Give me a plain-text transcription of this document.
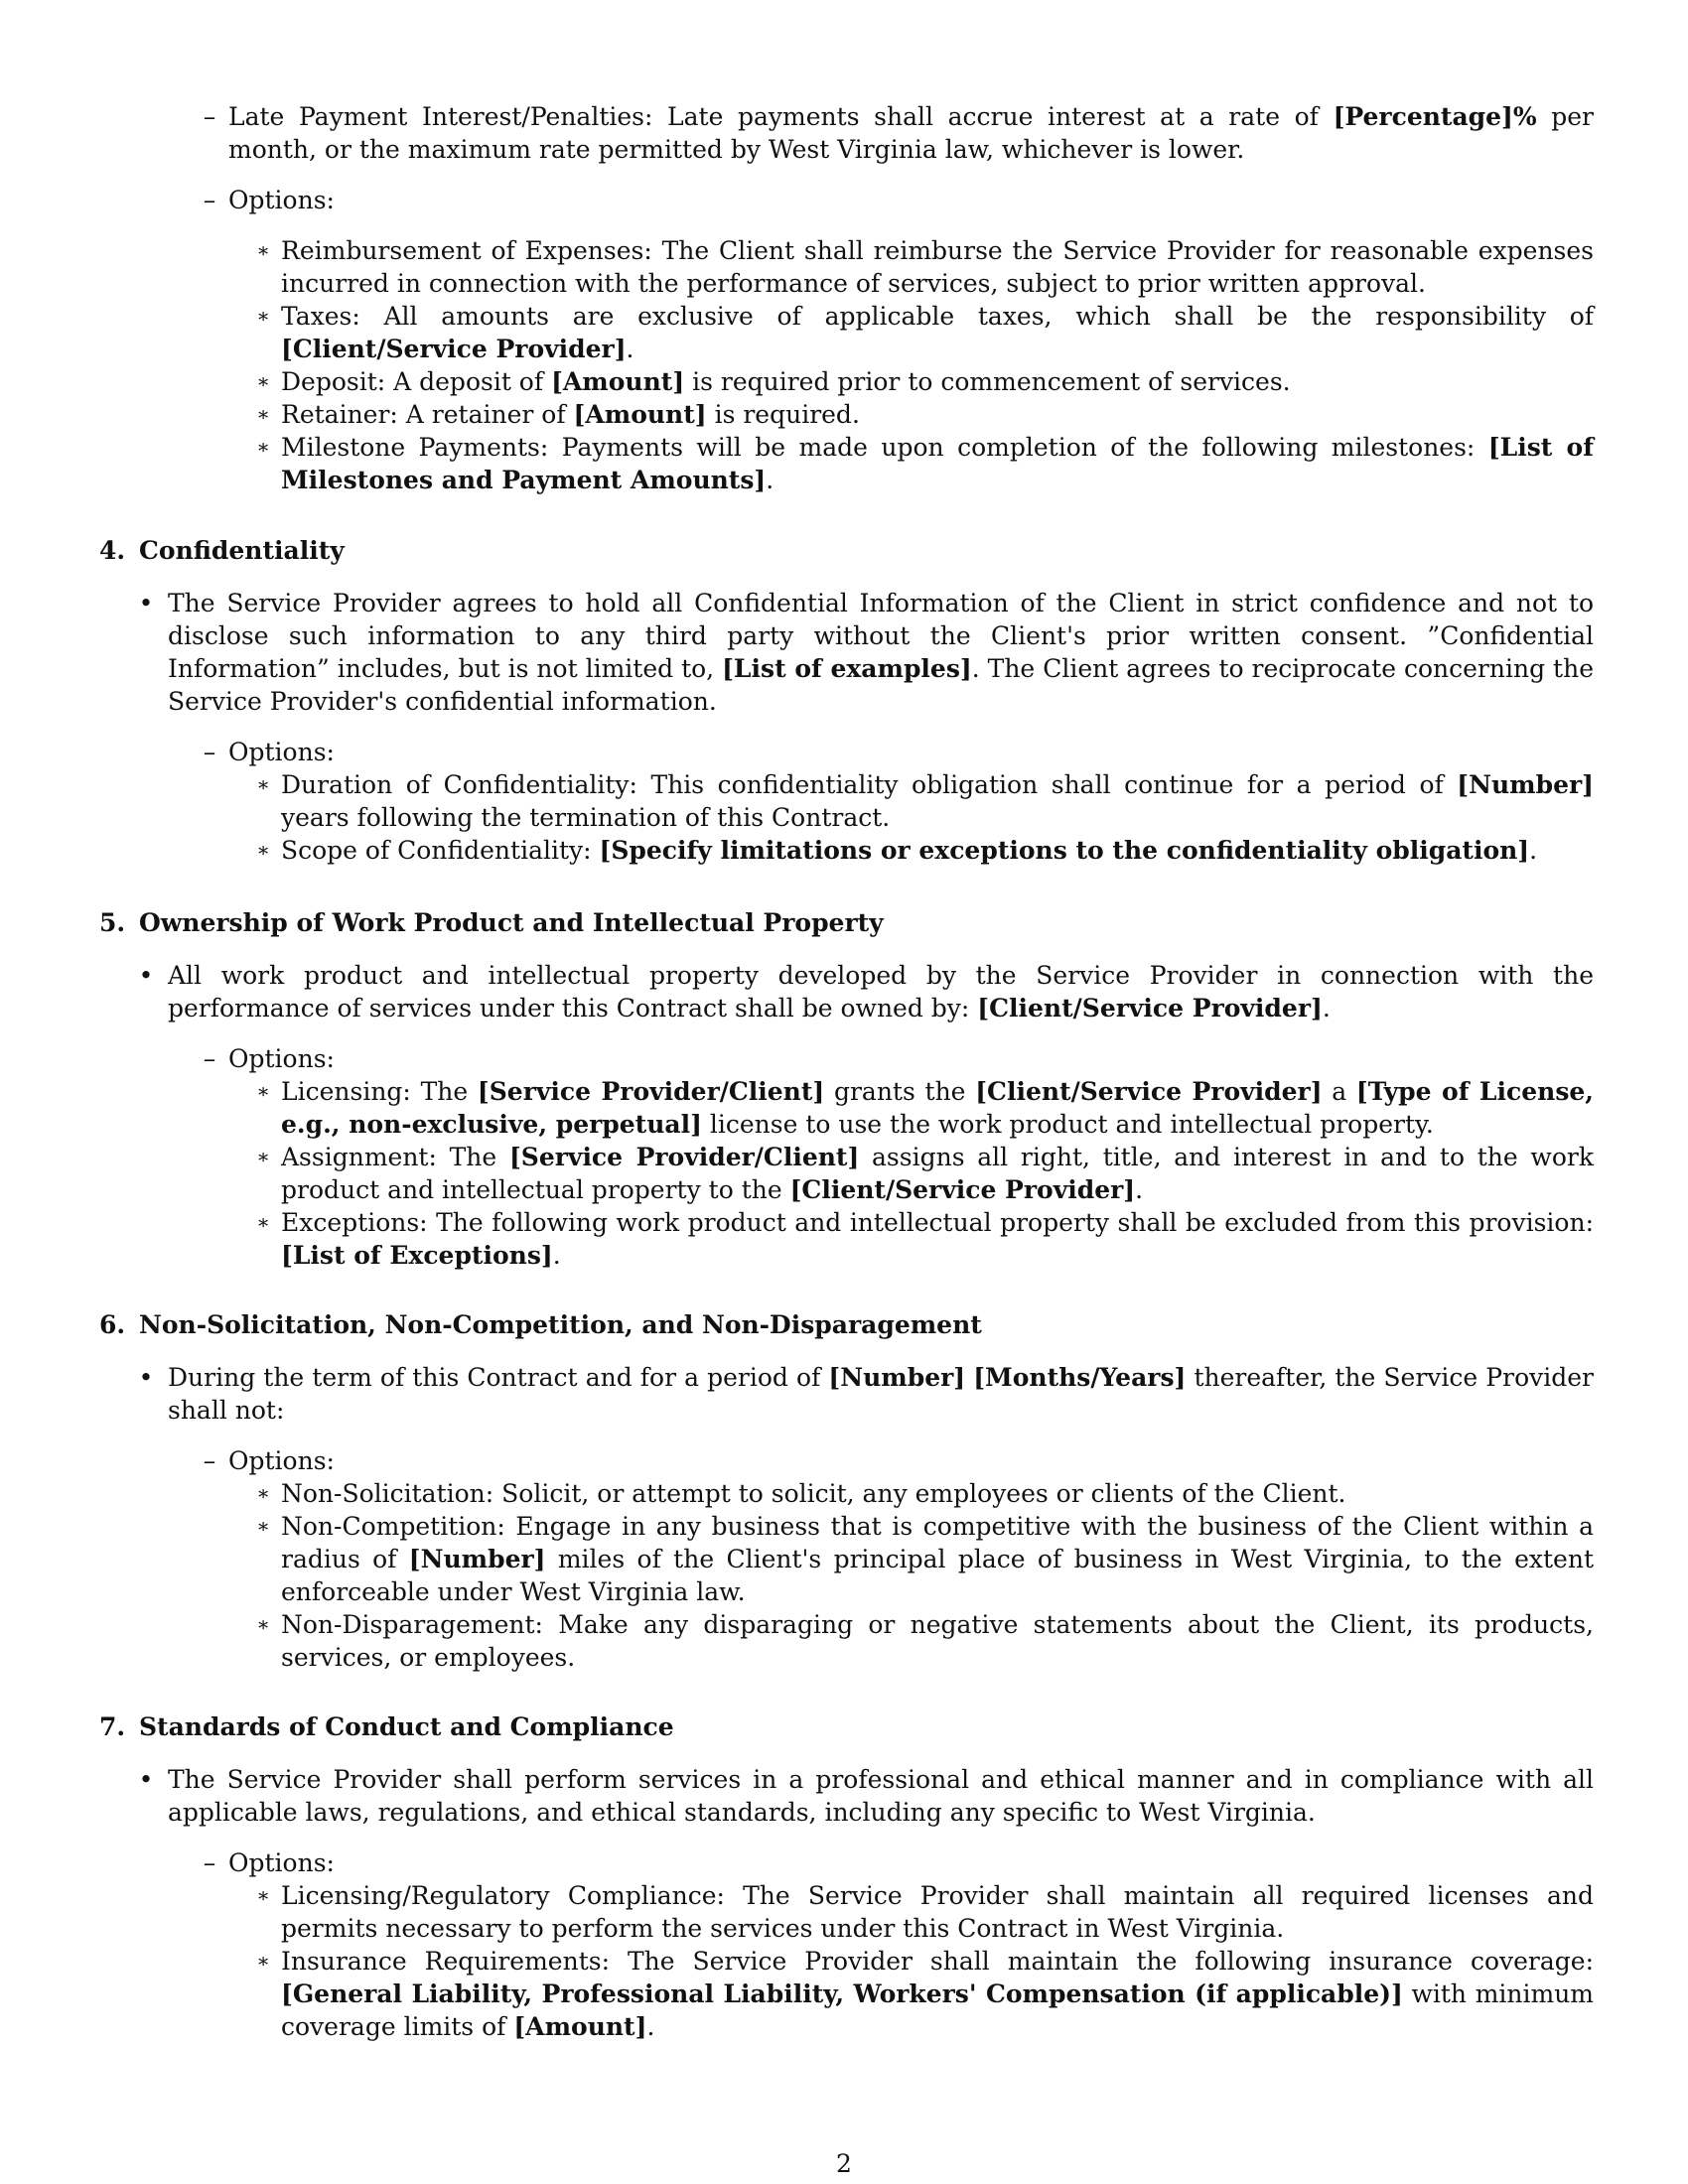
– Late Payment Interest/Penalties: Late payments shall accrue interest at a rate of [Percentage]% per month, or the maximum rate permitted by West Virginia law, whichever is lower.

– Options:

∗ Reimbursement of Expenses: The Client shall reimburse the Service Provider for reasonable expenses incurred in connection with the performance of services, subject to prior written approval.

∗ Taxes: All amounts are exclusive of applicable taxes, which shall be the responsibility of [Client/Service Provider].

∗ Deposit: A deposit of [Amount] is required prior to commencement of services.

∗ Retainer: A retainer of [Amount] is required.

∗ Milestone Payments: Payments will be made upon completion of the following milestones: [List of Milestones and Payment Amounts].

4. Confidentiality
• The Service Provider agrees to hold all Confidential Information of the Client in strict confidence and not to disclose such information to any third party without the Client's prior written consent. ”Confidential Information” includes, but is not limited to, [List of examples]. The Client agrees to reciprocate concerning the Service Provider's confidential information.

– Options:

∗ Duration of Confidentiality: This confidentiality obligation shall continue for a period of [Number] years following the termination of this Contract.

∗ Scope of Confidentiality: [Specify limitations or exceptions to the confidentiality obligation].

5. Ownership of Work Product and Intellectual Property
• All work product and intellectual property developed by the Service Provider in connection with the performance of services under this Contract shall be owned by: [Client/Service Provider].

– Options:

∗ Licensing: The [Service Provider/Client] grants the [Client/Service Provider] a [Type of License, e.g., non-exclusive, perpetual] license to use the work product and intellectual property.

∗ Assignment: The [Service Provider/Client] assigns all right, title, and interest in and to the work product and intellectual property to the [Client/Service Provider].

∗ Exceptions: The following work product and intellectual property shall be excluded from this provision: [List of Exceptions].

6. Non-Solicitation, Non-Competition, and Non-Disparagement
• During the term of this Contract and for a period of [Number] [Months/Years] thereafter, the Service Provider shall not:

– Options:

∗ Non-Solicitation: Solicit, or attempt to solicit, any employees or clients of the Client.

∗ Non-Competition: Engage in any business that is competitive with the business of the Client within a radius of [Number] miles of the Client's principal place of business in West Virginia, to the extent enforceable under West Virginia law.

∗ Non-Disparagement: Make any disparaging or negative statements about the Client, its products, services, or employees.

7. Standards of Conduct and Compliance
• The Service Provider shall perform services in a professional and ethical manner and in compliance with all applicable laws, regulations, and ethical standards, including any specific to West Virginia.

– Options:

∗ Licensing/Regulatory Compliance: The Service Provider shall maintain all required licenses and permits necessary to perform the services under this Contract in West Virginia.

∗ Insurance Requirements: The Service Provider shall maintain the following insurance coverage: [General Liability, Professional Liability, Workers' Compensation (if applicable)] with minimum coverage limits of [Amount].

2
